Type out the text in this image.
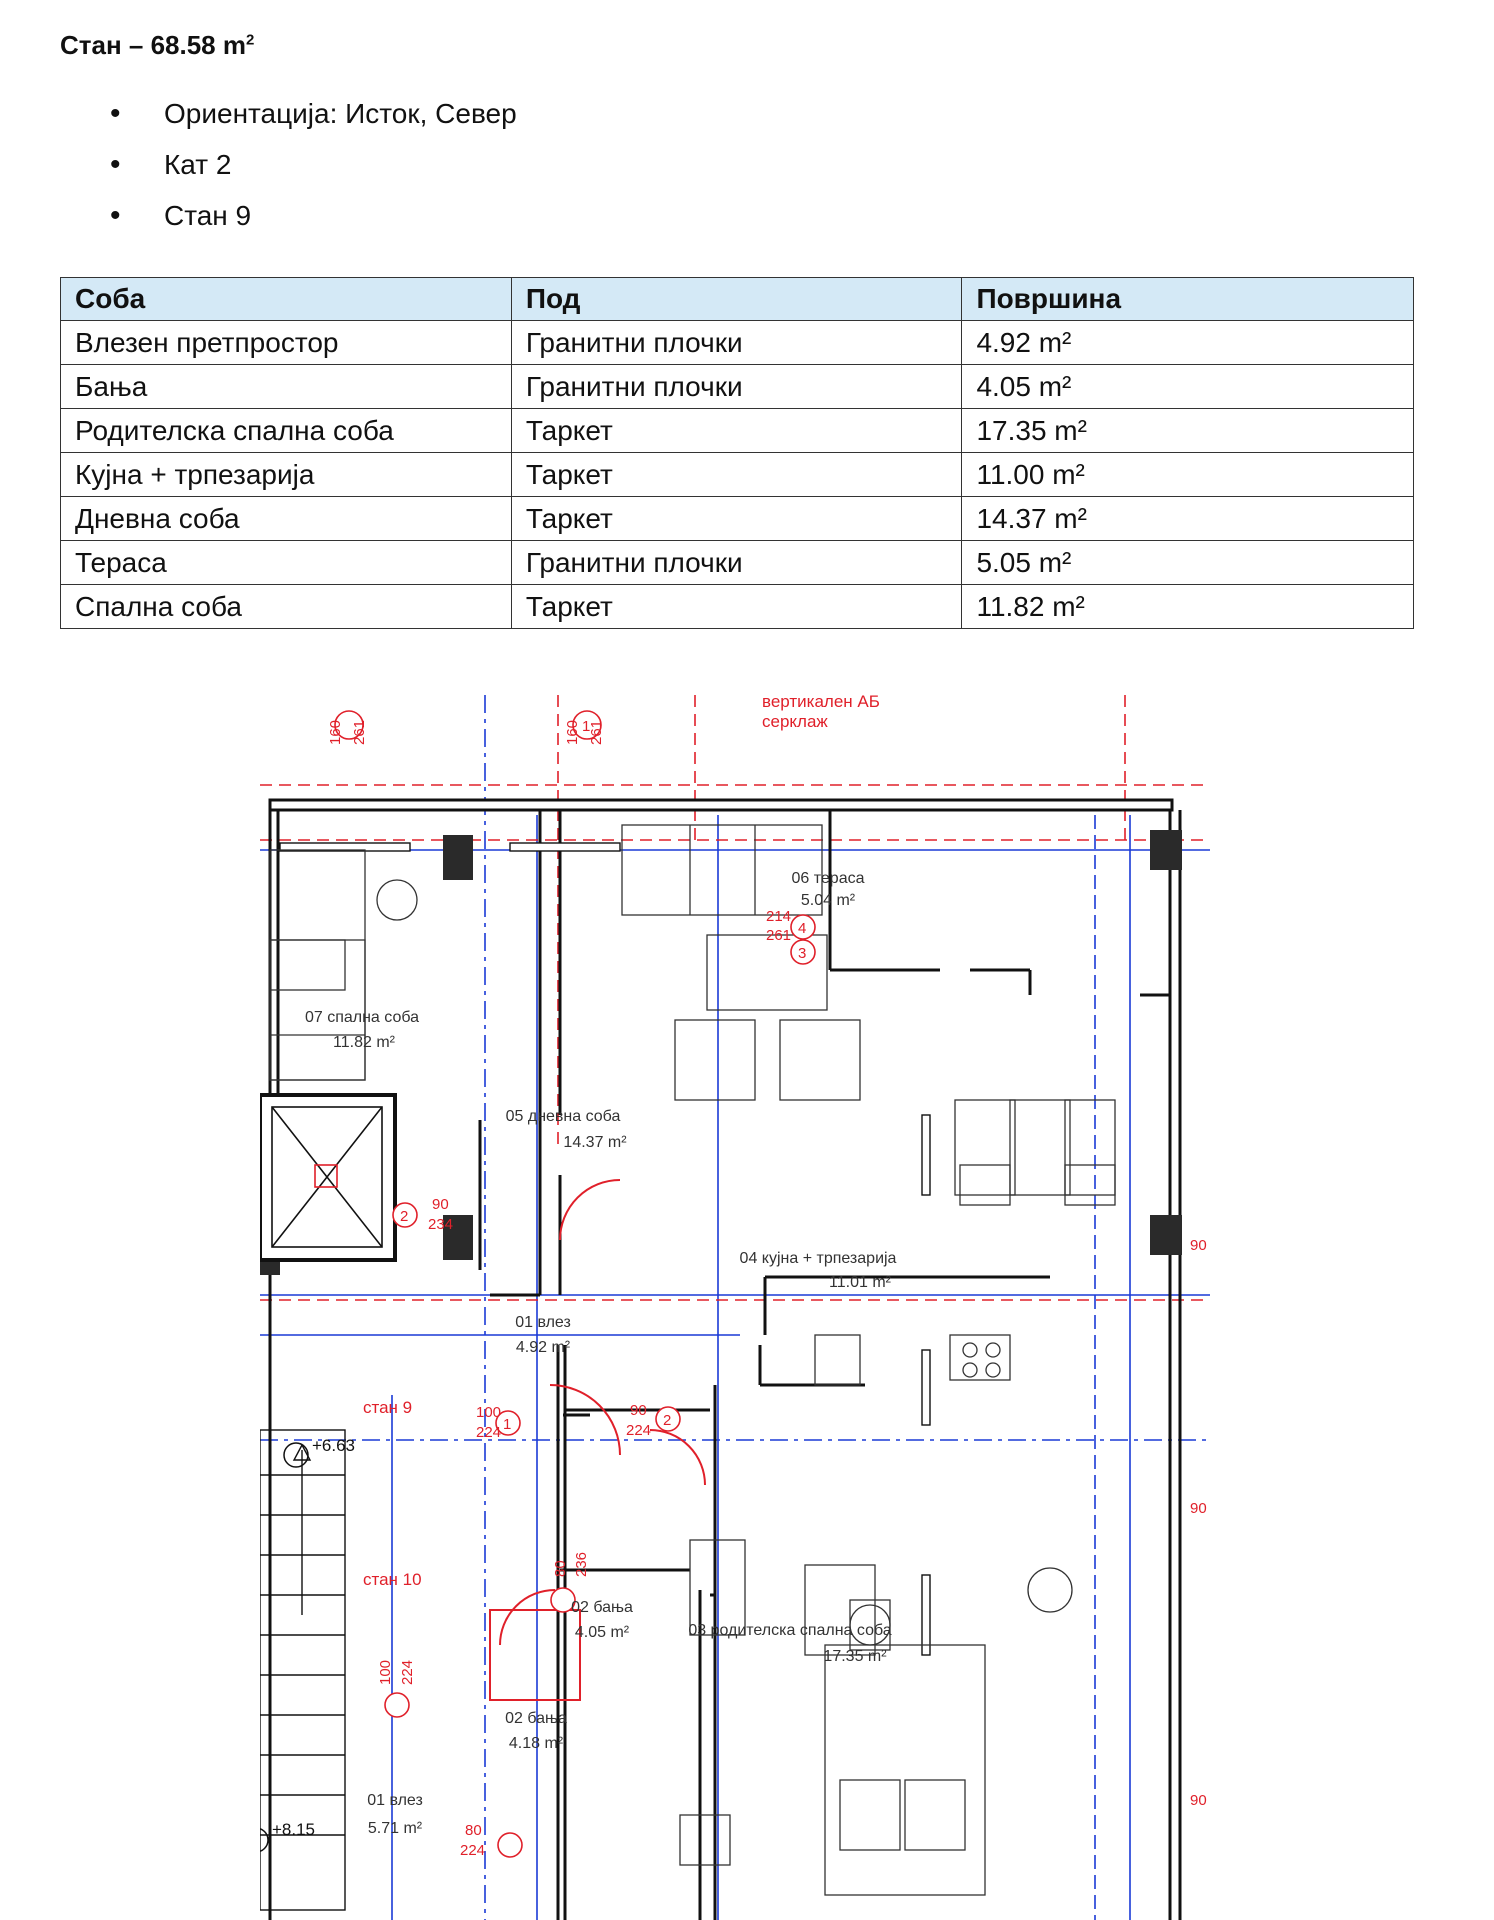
Стан – 68.58 $m^2$
• Ориентација: Исток, Север
• Кат 2
• Стан 9
Соба	Под	Површина
Влезен претпростор	Гранитни плочки	4.92 m²
Бања	Гранитни плочки	4.05 m²
Родителска спална соба	Таркет	17.35 m²
Кујна + трпезарија	Таркет	11.00 m²
Дневна соба	Таркет	14.37 m²
Тераса	Гранитни плочки	5.05 m²
Спална соба	Таркет	11.82 m²
1
4
3
2
1	2
160 261	160 261
214
261
90
234
100
224
90
224
80 236
100 224
80
224
90
90
90
вертикален АБ
серклаж
стан 9
стан 10
+6.63
+8.15
06 тераса
5.04 m²
07 спална соба
11.82 m²
05 дневна соба
14.37 m²
04 кујна + трпезарија
11.01 m²
01 влез
4.92 m²
02 бања
4.05 m²	03 родителска спална соба
17.35 m²
02 бања
4.18 m²
01 влез
5.71 m²
